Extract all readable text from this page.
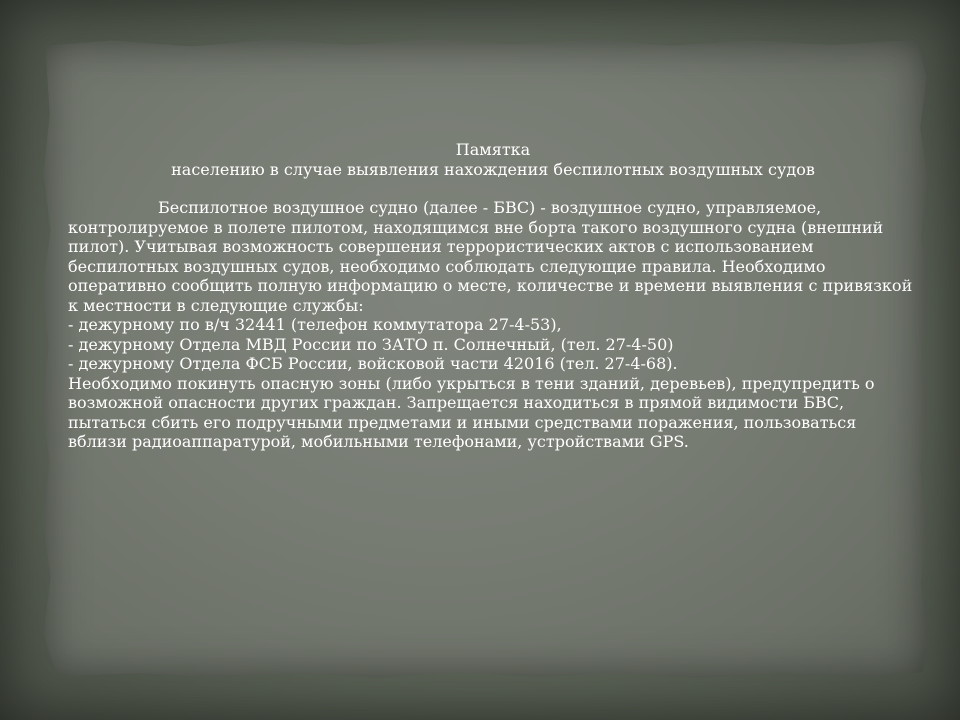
Памятка

населению в случае выявления нахождения беспилотных воздушных судов

Беспилотное воздушное судно (далее - БВС) - воздушное судно, управляемое, контролируемое в полете пилотом, находящимся вне борта такого воздушного судна (внешний пилот). Учитывая возможность совершения террористических актов с использованием беспилотных воздушных судов, необходимо соблюдать следующие правила. Необходимо оперативно сообщить полную информацию о месте, количестве и времени выявления с привязкой к местности в следующие службы:

- дежурному по в/ч 32441 (телефон коммутатора 27-4-53),

- дежурному Отдела МВД России по ЗАТО п. Солнечный, (тел. 27-4-50)

- дежурному Отдела ФСБ России, войсковой части 42016 (тел. 27-4-68).

Необходимо покинуть опасную зоны (либо укрыться в тени зданий, деревьев), предупредить о возможной опасности других граждан. Запрещается находиться в прямой видимости БВС, пытаться сбить его подручными предметами и иными средствами поражения, пользоваться вблизи радиоаппаратурой, мобильными телефонами, устройствами GPS.
